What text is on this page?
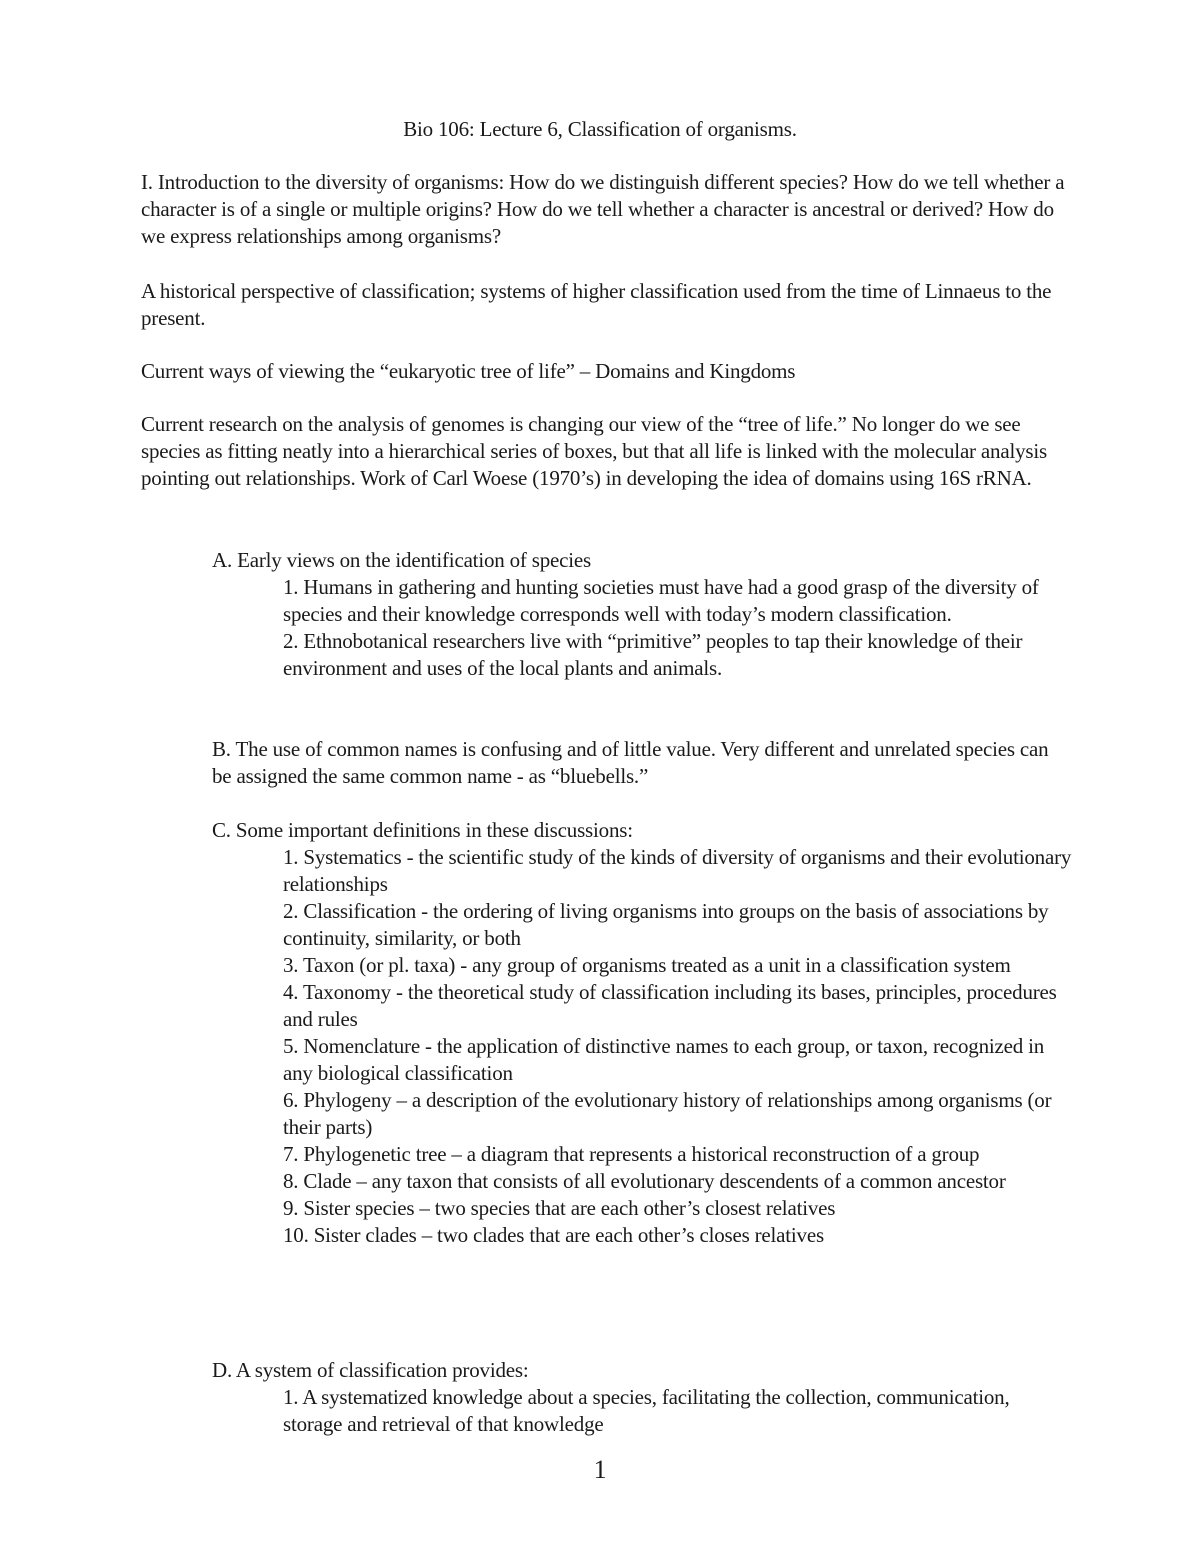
Bio 106: Lecture 6, Classification of organisms.

I. Introduction to the diversity of organisms: How do we distinguish different species? How do we tell whether a character is of a single or multiple origins? How do we tell whether a character is ancestral or derived? How do we express relationships among organisms?

A historical perspective of classification; systems of higher classification used from the time of Linnaeus to the present.

Current ways of viewing the “eukaryotic tree of life” – Domains and Kingdoms

Current research on the analysis of genomes is changing our view of the “tree of life.” No longer do we see species as fitting neatly into a hierarchical series of boxes, but that all life is linked with the molecular analysis pointing out relationships. Work of Carl Woese (1970’s) in developing the idea of domains using 16S rRNA.

A. Early views on the identification of species

1. Humans in gathering and hunting societies must have had a good grasp of the diversity of species and their knowledge corresponds well with today’s modern classification.
2. Ethnobotanical researchers live with “primitive” peoples to tap their knowledge of their environment and uses of the local plants and animals.

B. The use of common names is confusing and of little value. Very different and unrelated species can be assigned the same common name - as “bluebells.”

C. Some important definitions in these discussions:

1. Systematics - the scientific study of the kinds of diversity of organisms and their evolutionary relationships
2. Classification - the ordering of living organisms into groups on the basis of associations by continuity, similarity, or both
3. Taxon (or pl. taxa) - any group of organisms treated as a unit in a classification system
4. Taxonomy - the theoretical study of classification including its bases, principles, procedures and rules
5. Nomenclature - the application of distinctive names to each group, or taxon, recognized in any biological classification
6. Phylogeny – a description of the evolutionary history of relationships among organisms (or their parts)
7. Phylogenetic tree – a diagram that represents a historical reconstruction of a group
8. Clade – any taxon that consists of all evolutionary descendents of a common ancestor
9. Sister species – two species that are each other’s closest relatives
10. Sister clades – two clades that are each other’s closes relatives

D. A system of classification provides:

1. A systematized knowledge about a species, facilitating the collection, communication, storage and retrieval of that knowledge
1
